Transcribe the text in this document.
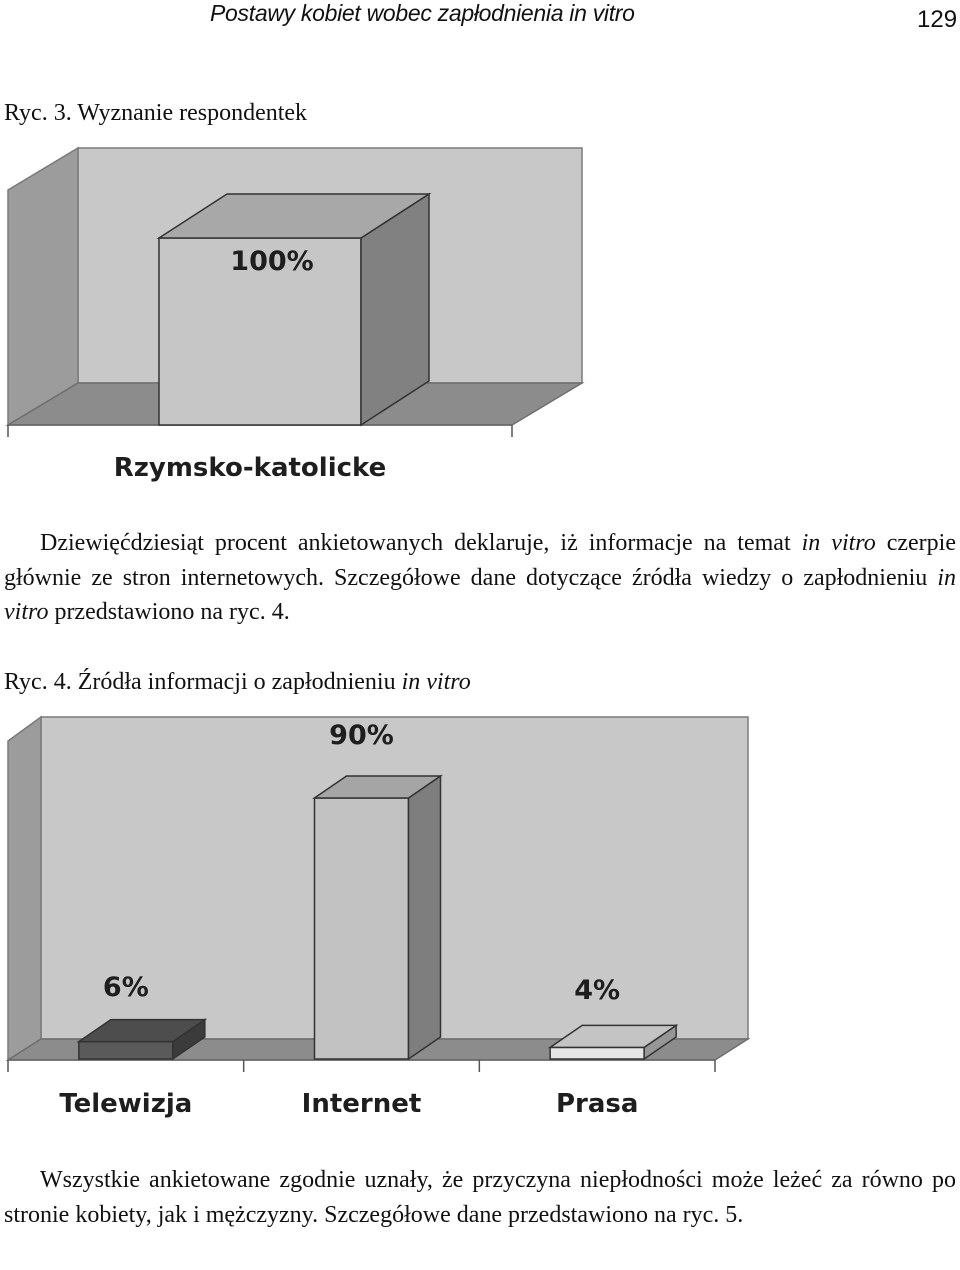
Postawy kobiet wobec zapłodnienia in vitro	129
Ryc. 3. Wyznanie respondentek
100%
Rzymsko-katolicke

Dziewięćdziesiąt procent ankietowanych deklaruje, iż informacje na temat in vitro czerpie głównie ze stron internetowych. Szczegółowe dane dotyczące źródła wiedzy o zapłodnieniu in vitro przedstawiono na ryc. 4.

Ryc. 4. Źródła informacji o zapłodnieniu in vitro
6%
Telewizja
90%
Internet
4%
Prasa

Wszystkie ankietowane zgodnie uznały, że przyczyna niepłodności może leżeć za równo po stronie kobiety, jak i mężczyzny. Szczegółowe dane przedstawiono na ryc. 5.
